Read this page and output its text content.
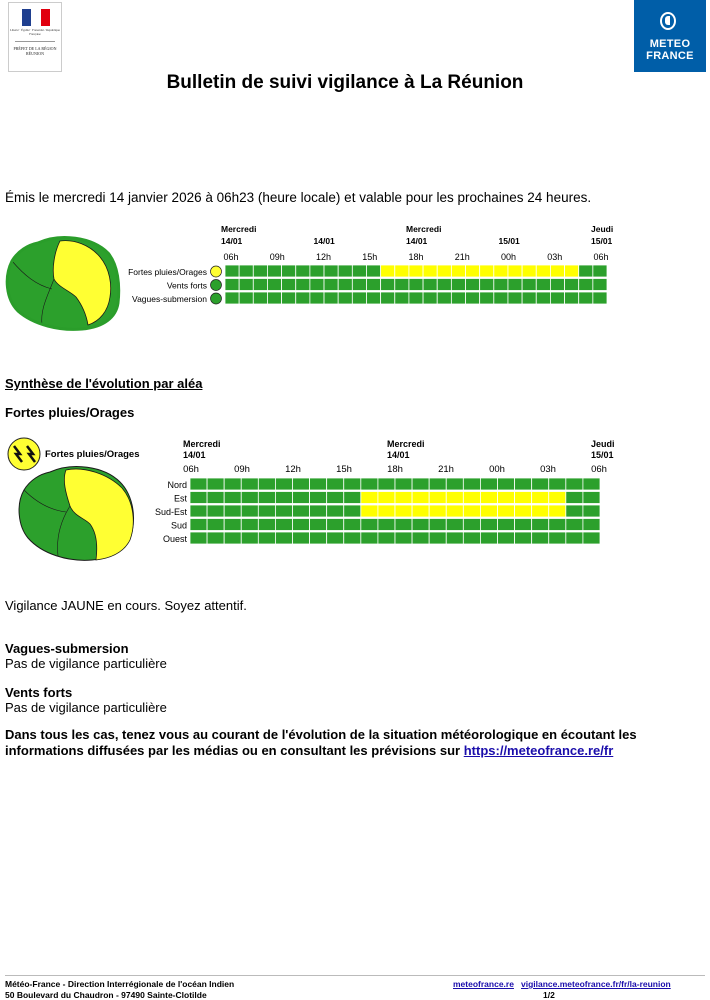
Liberté · Égalité · Fraternité / République Française
PRÉFET DE LA RÉGION RÉUNION
METEO
FRANCE
Bulletin de suivi vigilance à La Réunion
Émis le mercredi 14 janvier 2026 à 06h23 (heure locale) et valable pour les prochaines 24 heures.
Mercredi
14/01	14/01
Mercredi
14/01	15/01
Jeudi
15/01
06h	09h	12h	15h	18h	21h	00h	03h	06h
Fortes pluies/Orages
Vents forts
Vagues-submersion
Synthèse de l'évolution par aléa
Fortes pluies/Orages
Fortes pluies/Orages
Mercredi
14/01
Mercredi
14/01
Jeudi
15/01
06h	09h	12h	15h	18h	21h	00h	03h	06h
Nord
Est
Sud-Est
Sud
Ouest
Vigilance JAUNE en cours. Soyez attentif.
Vagues-submersion
Pas de vigilance particulière
Vents forts
Pas de vigilance particulière
Dans tous les cas, tenez vous au courant de l'évolution de la situation météorologique en écoutant les informations diffusées par les médias ou en consultant les prévisions sur https://meteofrance.re/fr
Météo-France - Direction Interrégionale de l'océan Indien
50 Boulevard du Chaudron - 97490 Sainte-Clotilde
meteofrance.re vigilance.meteofrance.fr/fr/la-reunion
1/2
